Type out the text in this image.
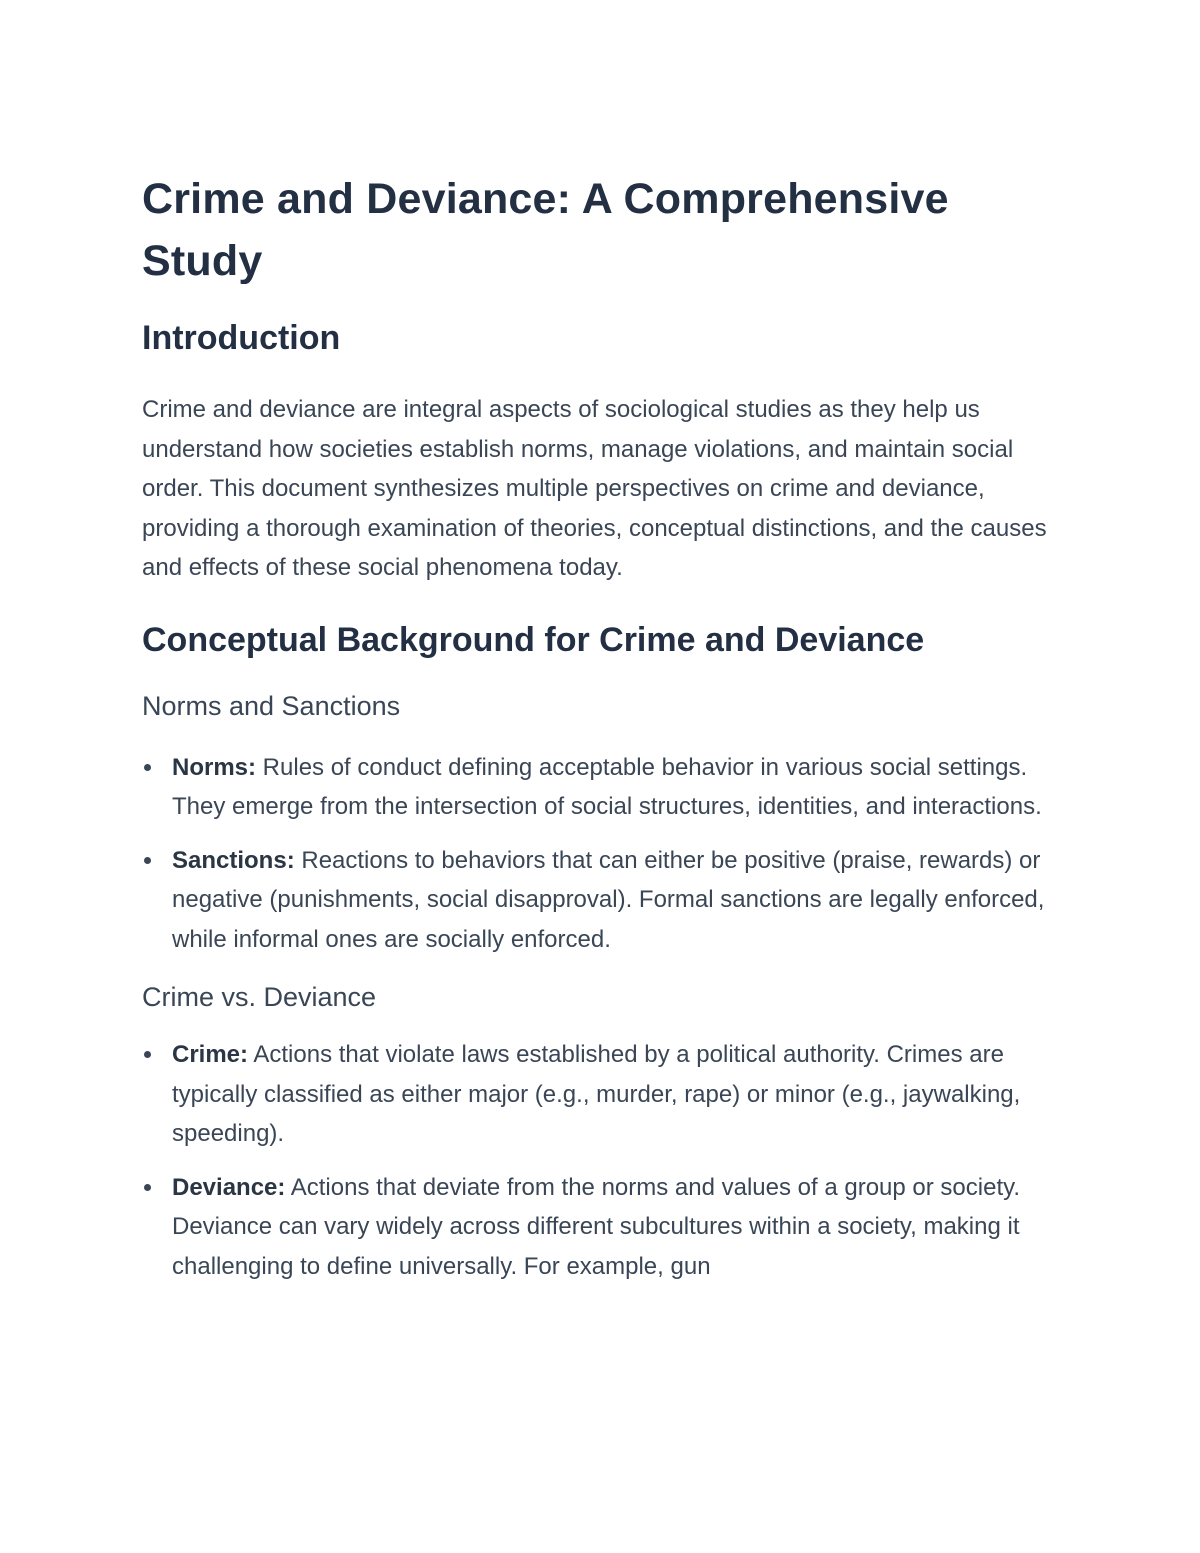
Crime and Deviance: A Comprehensive Study
Introduction

Crime and deviance are integral aspects of sociological studies as they help us understand how societies establish norms, manage violations, and maintain social order. This document synthesizes multiple perspectives on crime and deviance, providing a thorough examination of theories, conceptual distinctions, and the causes and effects of these social phenomena today.

Conceptual Background for Crime and Deviance
Norms and Sanctions
Norms: Rules of conduct defining acceptable behavior in various social settings. They emerge from the intersection of social structures, identities, and interactions.
Sanctions: Reactions to behaviors that can either be positive (praise, rewards) or negative (punishments, social disapproval). Formal sanctions are legally enforced, while informal ones are socially enforced.
Crime vs. Deviance
Crime: Actions that violate laws established by a political authority. Crimes are typically classified as either major (e.g., murder, rape) or minor (e.g., jaywalking, speeding).
Deviance: Actions that deviate from the norms and values of a group or society. Deviance can vary widely across different subcultures within a society, making it challenging to define universally. For example, gun
